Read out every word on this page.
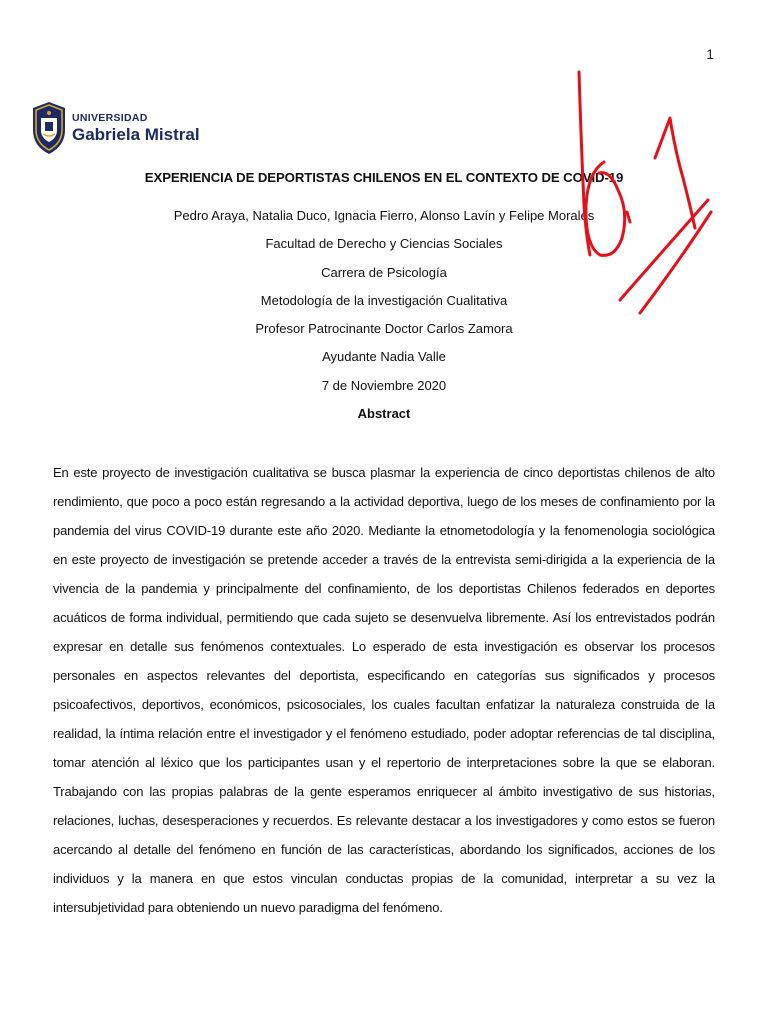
1
UNIVERSIDAD
Gabriela Mistral

EXPERIENCIA DE DEPORTISTAS CHILENOS EN EL CONTEXTO DE COVID-19

Pedro Araya, Natalia Duco, Ignacia Fierro, Alonso Lavín y Felipe Morales

Facultad de Derecho y Ciencias Sociales

Carrera de Psicología

Metodología de la investigación Cualitativa

Profesor Patrocinante Doctor Carlos Zamora

Ayudante Nadia Valle

7 de Noviembre 2020

Abstract

En este proyecto de investigación cualitativa se busca plasmar la experiencia de cinco deportistas chilenos de alto rendimiento, que poco a poco están regresando a la actividad deportiva, luego de los meses de confinamiento por la pandemia del virus COVID-19 durante este año 2020. Mediante la etnometodología y la fenomenologia sociológica en este proyecto de investigación se pretende acceder a través de la entrevista semi-dirigida a la experiencia de la vivencia de la pandemia y principalmente del confinamiento, de los deportistas Chilenos federados en deportes acuáticos de forma individual, permitiendo que cada sujeto se desenvuelva libremente. Así los entrevistados podrán expresar en detalle sus fenómenos contextuales. Lo esperado de esta investigación es observar los procesos personales en aspectos relevantes del deportista, especificando en categorías sus significados y procesos psicoafectivos, deportivos, económicos, psicosociales, los cuales facultan enfatizar la naturaleza construida de la realidad, la íntima relación entre el investigador y el fenómeno estudiado, poder adoptar referencias de tal disciplina, tomar atención al léxico que los participantes usan y el repertorio de interpretaciones sobre la que se elaboran. Trabajando con las propias palabras de la gente esperamos enriquecer al ámbito investigativo de sus historias, relaciones, luchas, desesperaciones y recuerdos. Es relevante destacar a los investigadores y como estos se fueron acercando al detalle del fenómeno en función de las características, abordando los significados, acciones de los individuos y la manera en que estos vinculan conductas propias de la comunidad, interpretar a su vez la intersubjetividad para obteniendo un nuevo paradigma del fenómeno.
